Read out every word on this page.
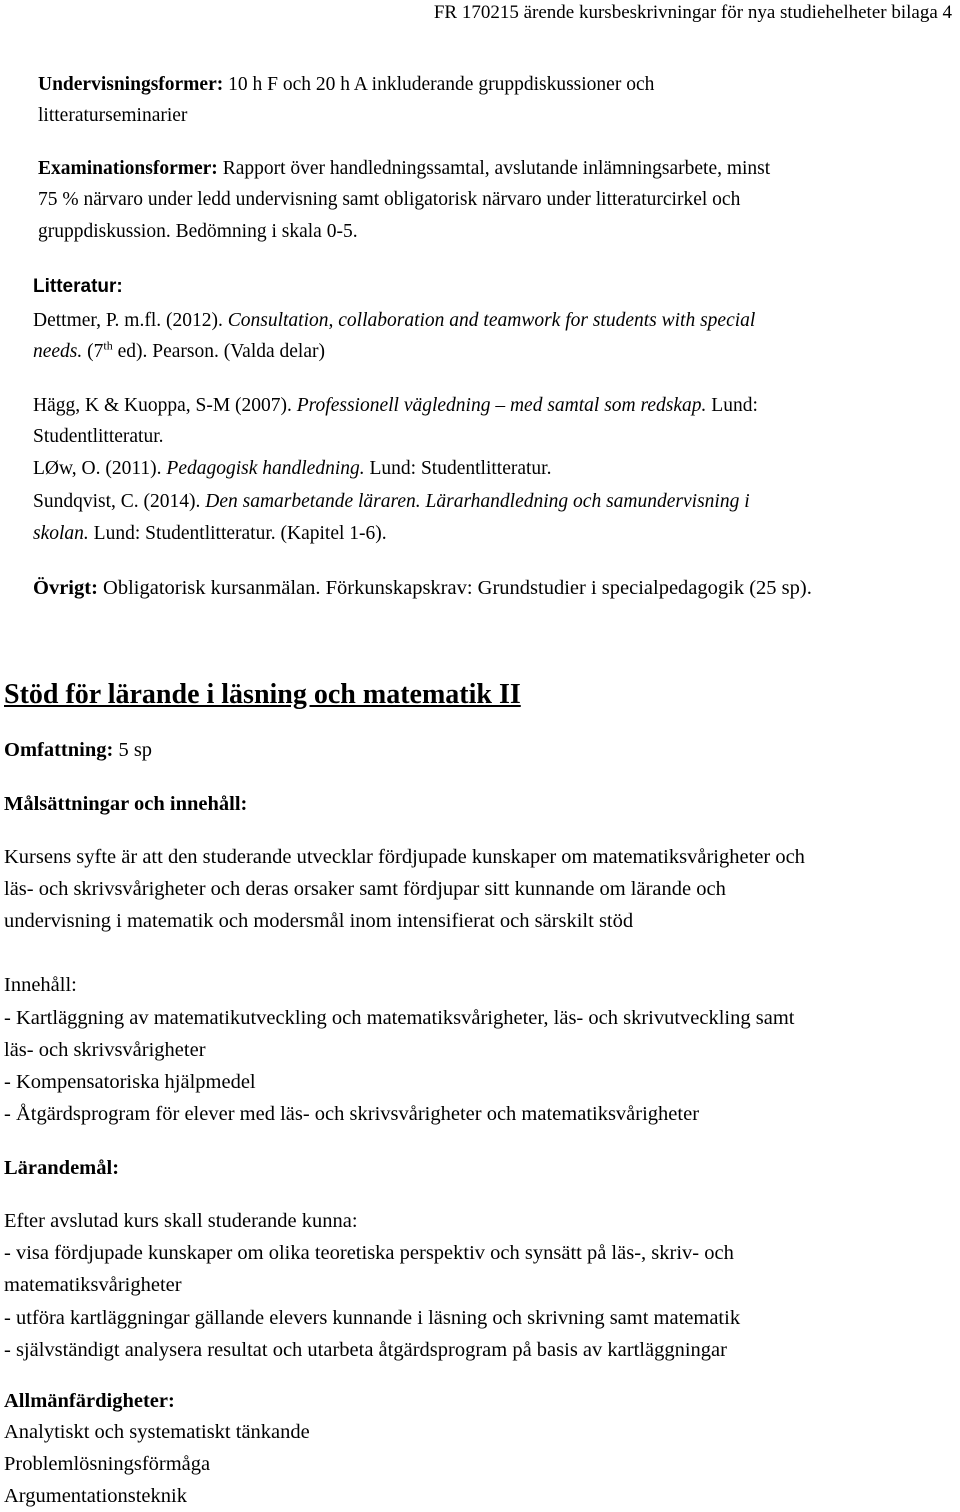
FR 170215 ärende kursbeskrivningar för nya studiehelheter bilaga 4
Undervisningsformer: 10 h F och 20 h A inkluderande gruppdiskussioner och
litteraturseminarier
Examinationsformer: Rapport över handledningssamtal, avslutande inlämningsarbete, minst
75 % närvaro under ledd undervisning samt obligatorisk närvaro under litteraturcirkel och
gruppdiskussion. Bedömning i skala 0-5.
Litteratur:
Dettmer, P. m.fl. (2012). Consultation, collaboration and teamwork for students with special
needs. (7th ed). Pearson. (Valda delar)
Hägg, K & Kuoppa, S-M (2007). Professionell vägledning – med samtal som redskap. Lund:
Studentlitteratur.
LØw, O. (2011). Pedagogisk handledning. Lund: Studentlitteratur.
Sundqvist, C. (2014). Den samarbetande läraren. Lärarhandledning och samundervisning i
skolan. Lund: Studentlitteratur. (Kapitel 1-6).
Övrigt: Obligatorisk kursanmälan. Förkunskapskrav: Grundstudier i specialpedagogik (25 sp).
Stöd för lärande i läsning och matematik II
Omfattning: 5 sp
Målsättningar och innehåll:
Kursens syfte är att den studerande utvecklar fördjupade kunskaper om matematiksvårigheter och
läs- och skrivsvårigheter och deras orsaker samt fördjupar sitt kunnande om lärande och
undervisning i matematik och modersmål inom intensifierat och särskilt stöd
Innehåll:
- Kartläggning av matematikutveckling och matematiksvårigheter, läs- och skrivutveckling samt
läs- och skrivsvårigheter
- Kompensatoriska hjälpmedel
- Åtgärdsprogram för elever med läs- och skrivsvårigheter och matematiksvårigheter
Lärandemål:
Efter avslutad kurs skall studerande kunna:
- visa fördjupade kunskaper om olika teoretiska perspektiv och synsätt på läs-, skriv- och
matematiksvårigheter
- utföra kartläggningar gällande elevers kunnande i läsning och skrivning samt matematik
- självständigt analysera resultat och utarbeta åtgärdsprogram på basis av kartläggningar
Allmänfärdigheter:
Analytiskt och systematiskt tänkande
Problemlösningsförmåga
Argumentationsteknik
